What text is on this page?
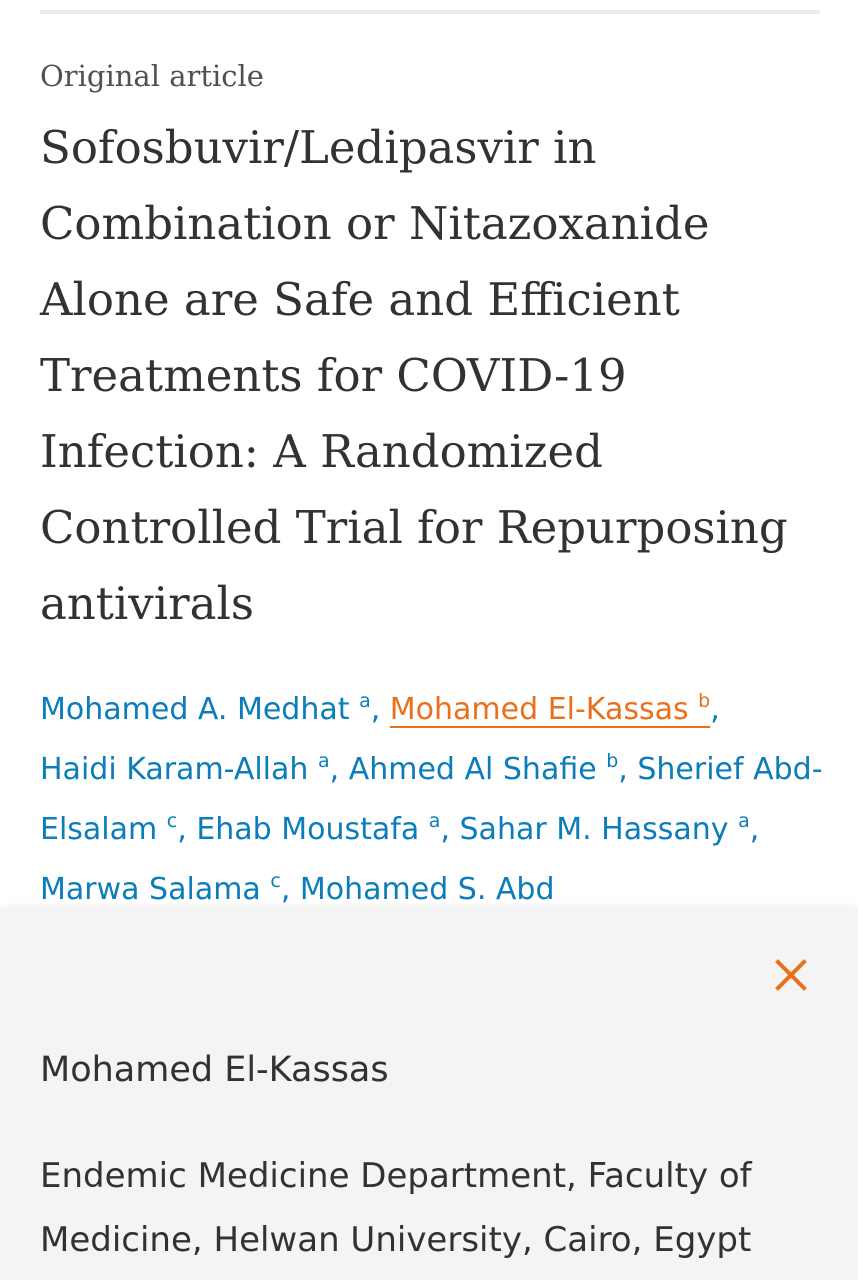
Original article
Sofosbuvir/Ledipasvir in Combination or Nitazoxanide Alone are Safe and Efficient Treatments for COVID-19 Infection: A Randomized Controlled Trial for Repurposing antivirals
Mohamed A. Medhat $^a$, Mohamed El-Kassas $^b$, Haidi Karam-Allah $^a$, Ahmed Al Shafie $^b$, Sherief Abd-Elsalam $^c$, Ehab Moustafa $^a$, Sahar M. Hassany $^a$, Marwa Salama $^c$, Mohamed S. Abd
Mohamed El-Kassas
Endemic Medicine Department, Faculty of Medicine, Helwan University, Cairo, Egypt
